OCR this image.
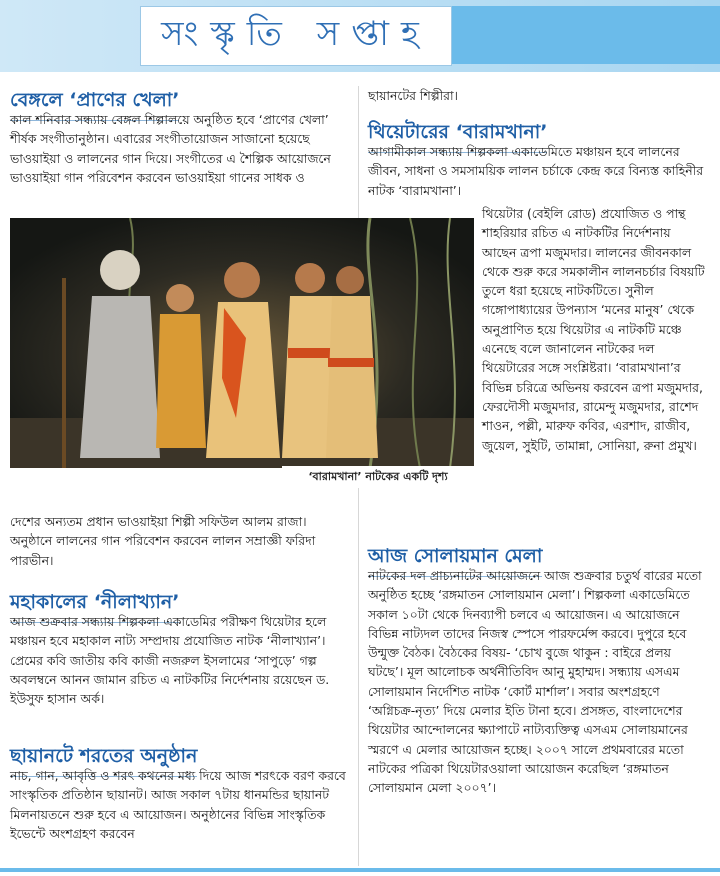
সংস্কৃতি সপ্তাহ
বেঙ্গলে ‘প্রাণের খেলা’

কাল শনিবার সন্ধ্যায় বেঙ্গল শিল্পালয়ে অনুষ্ঠিত হবে ‘প্রাণের খেলা’ শীর্ষক সংগীতানুষ্ঠান। এবারের সংগীতায়োজন সাজানো হয়েছে ভাওয়াইয়া ও লালনের গান দিয়ে। সংগীতের এ শৈল্পিক আয়োজনে ভাওয়াইয়া গান পরিবেশন করবেন ভাওয়াইয়া গানের সাধক ও

ছায়ানটের শিল্পীরা।

‘বারামখানা’ নাটকের একটি দৃশ্য

দেশের অন্যতম প্রধান ভাওয়াইয়া শিল্পী সফিউল আলম রাজা। অনুষ্ঠানে লালনের গান পরিবেশন করবেন লালন সম্রাজ্ঞী ফরিদা পারভীন।

থিয়েটারের ‘বারামখানা’

আগামীকাল সন্ধ্যায় শিল্পকলা একাডেমিতে মঞ্চায়ন হবে লালনের জীবন, সাধনা ও সমসাময়িক লালন চর্চাকে কেন্দ্র করে বিন্যস্ত কাহিনীর নাটক ‘বারামখানা’।

থিয়েটার (বেইলি রোড) প্রযোজিত ও পান্থ শাহরিয়ার রচিত এ নাটকটির নির্দেশনায় আছেন ত্রপা মজুমদার। লালনের জীবনকাল থেকে শুরু করে সমকালীন লালনচর্চার বিষয়টি তুলে ধরা হয়েছে নাটকটিতে। সুনীল গঙ্গোপাধ্যায়ের উপন্যাস ‘মনের মানুষ’ থেকে অনুপ্রাণিত হয়ে থিয়েটার এ নাটকটি মঞ্চে এনেছে বলে জানালেন নাটকের দল থিয়েটারের সঙ্গে সংশ্লিষ্টরা। ‘বারামখানা’র বিভিন্ন চরিত্রে অভিনয় করবেন ত্রপা মজুমদার, ফেরদৌসী মজুমদার, রামেন্দু মজুমদার, রাশেদ শাওন, পল্লী, মারুফ কবির, এরশাদ, রাজীব, জুয়েল, সুইটি, তামান্না, সোনিয়া, রুনা প্রমুখ।

মহাকালের ‘নীলাখ্যান’

আজ শুক্রবার সন্ধ্যায় শিল্পকলা একাডেমির পরীক্ষণ থিয়েটার হলে মঞ্চায়ন হবে মহাকাল নাট্য সম্প্রদায় প্রযোজিত নাটক ‘নীলাখ্যান’। প্রেমের কবি জাতীয় কবি কাজী নজরুল ইসলামের ‘সাপুড়ে’ গল্প অবলম্বনে আনন জামান রচিত এ নাটকটির নির্দেশনায় রয়েছেন ড. ইউসুফ হাসান অর্ক।

ছায়ানটে শরতের অনুষ্ঠান

নাচ, গান, আবৃত্তি ও শরৎ কথনের মধ্য দিয়ে আজ শরৎকে বরণ করবে সাংস্কৃতিক প্রতিষ্ঠান ছায়ানট। আজ সকাল ৭টায় ধানমন্ডির ছায়ানট মিলনায়তনে শুরু হবে এ আয়োজন। অনুষ্ঠানের বিভিন্ন সাংস্কৃতিক ইভেন্টে অংশগ্রহণ করবেন

আজ সোলায়মান মেলা

নাটকের দল প্রাচ্যনাটের আয়োজনে আজ শুক্রবার চতুর্থ বারের মতো অনুষ্ঠিত হচ্ছে ‘রঙ্গমাতন সোলায়মান মেলা’। শিল্পকলা একাডেমিতে সকাল ১০টা থেকে দিনব্যাপী চলবে এ আয়োজন। এ আয়োজনে বিভিন্ন নাট্যদল তাদের নিজস্ব স্পেসে পারফর্মেন্স করবে। দুপুরে হবে উন্মুক্ত বৈঠক। বৈঠকের বিষয়- ‘চোখ বুজে থাকুন : বাইরে প্রলয় ঘটছে’। মূল আলোচক অর্থনীতিবিদ আনু মুহাম্মদ। সন্ধ্যায় এসএম সোলায়মান নির্দেশিত নাটক ‘কোর্ট মার্শাল’। সবার অংশগ্রহণে ‘অগ্নিচক্র-নৃত্য’ দিয়ে মেলার ইতি টানা হবে। প্রসঙ্গত, বাংলাদেশের থিয়েটার আন্দোলনের ক্ষ্যাপাটে নাট্যব্যক্তিত্ব এসএম সোলায়মানের স্মরণে এ মেলার আয়োজন হচ্ছে। ২০০৭ সালে প্রথমবারের মতো নাটকের পত্রিকা থিয়েটারওয়ালা আয়োজন করেছিল ‘রঙ্গমাতন সোলায়মান মেলা ২০০৭’।
